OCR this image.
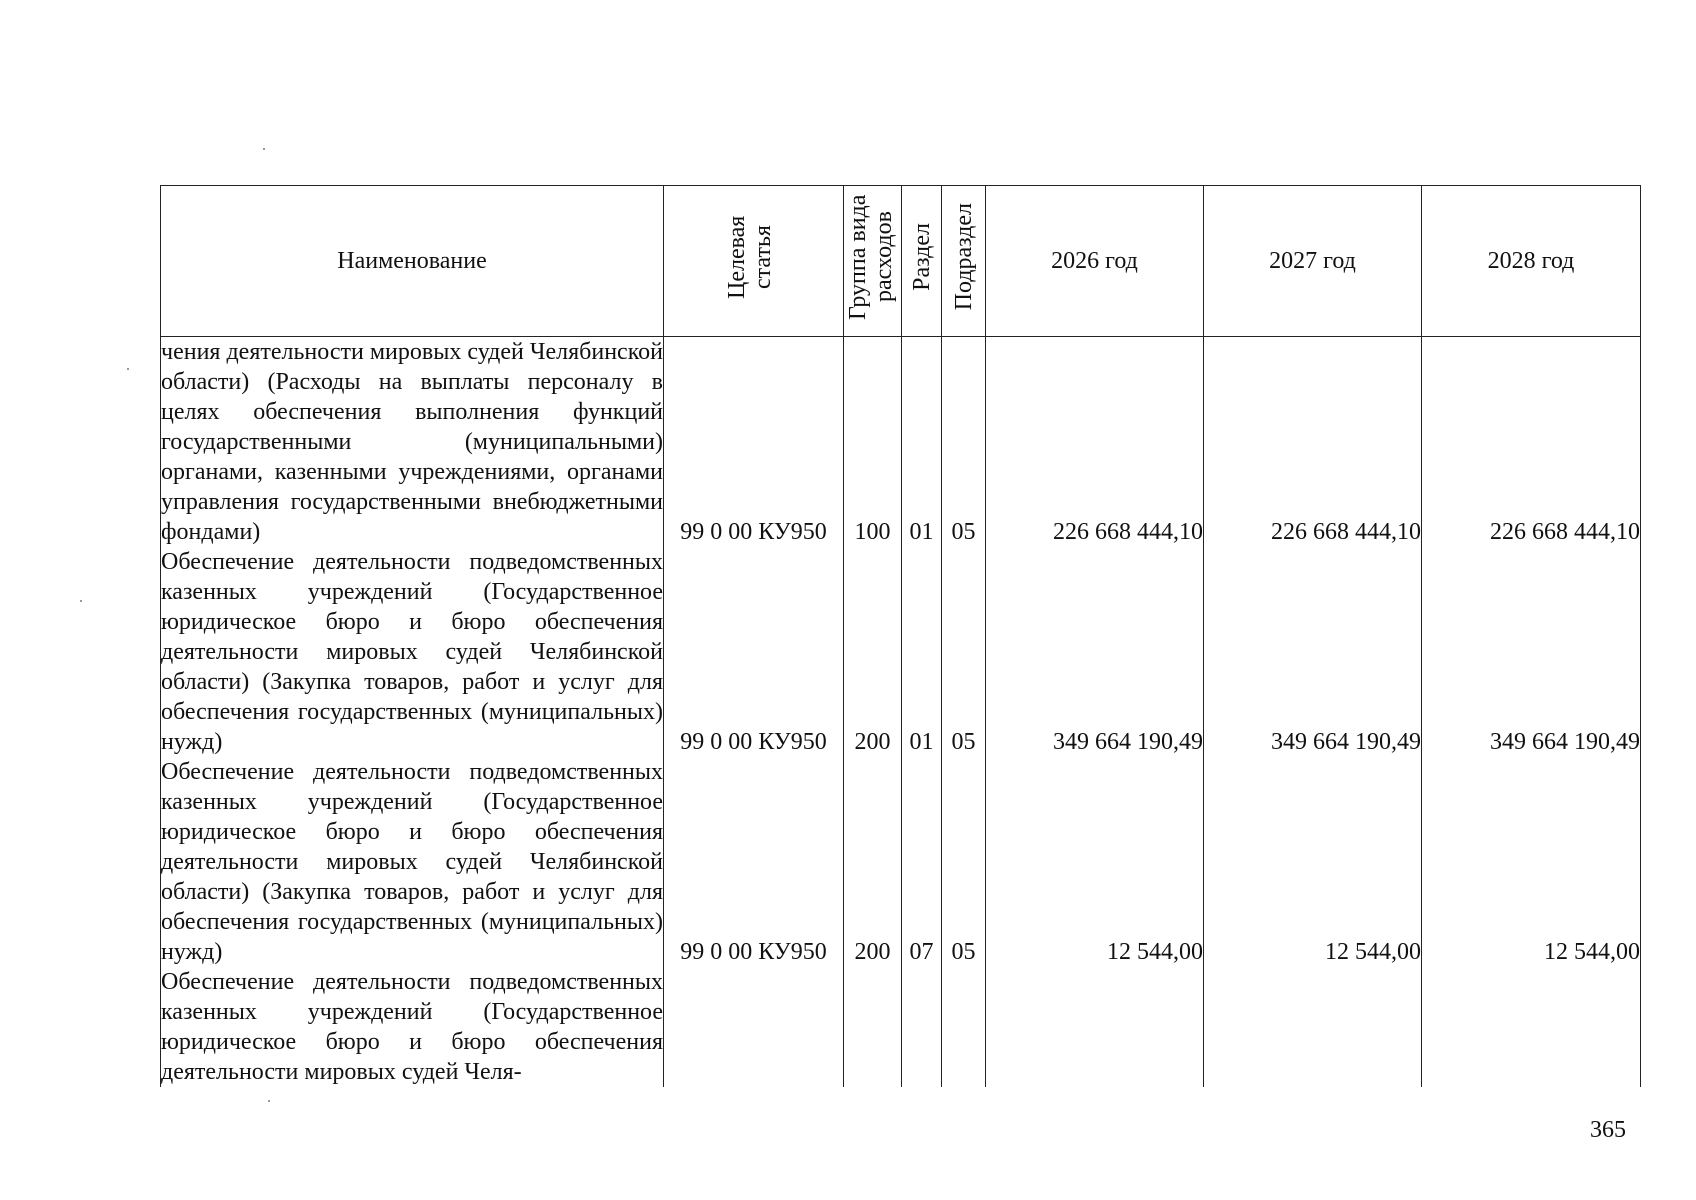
Наименование	Целевая статья	Группа вида расходов	Раздел	Подраздел	2026 год	2027 год	2028 год

чения деятельности мировых судей Челябинской области) (Расходы на выплаты персоналу в целях обеспечения выполнения функций государственными (муниципальными) органами, казенными учреждениями, органами управления государственными внебюджетными фондами)	99 0 00 КУ950	100	01	05	226 668 444,10	226 668 444,10	226 668 444,10

Обеспечение деятельности подведомственных казенных учреждений (Государственное юридическое бюро и бюро обеспечения деятельности мировых судей Челябинской области) (Закупка товаров, работ и услуг для обеспечения государственных (муниципальных) нужд)	99 0 00 КУ950	200	01	05	349 664 190,49	349 664 190,49	349 664 190,49

Обеспечение деятельности подведомственных казенных учреждений (Государственное юридическое бюро и бюро обеспечения деятельности мировых судей Челябинской области) (Закупка товаров, работ и услуг для обеспечения государственных (муниципальных) нужд)	99 0 00 КУ950	200	07	05	12 544,00	12 544,00	12 544,00

Обеспечение деятельности подведомственных казенных учреждений (Государственное юридическое бюро и бюро обеспечения деятельности мировых судей Челя-							

365
